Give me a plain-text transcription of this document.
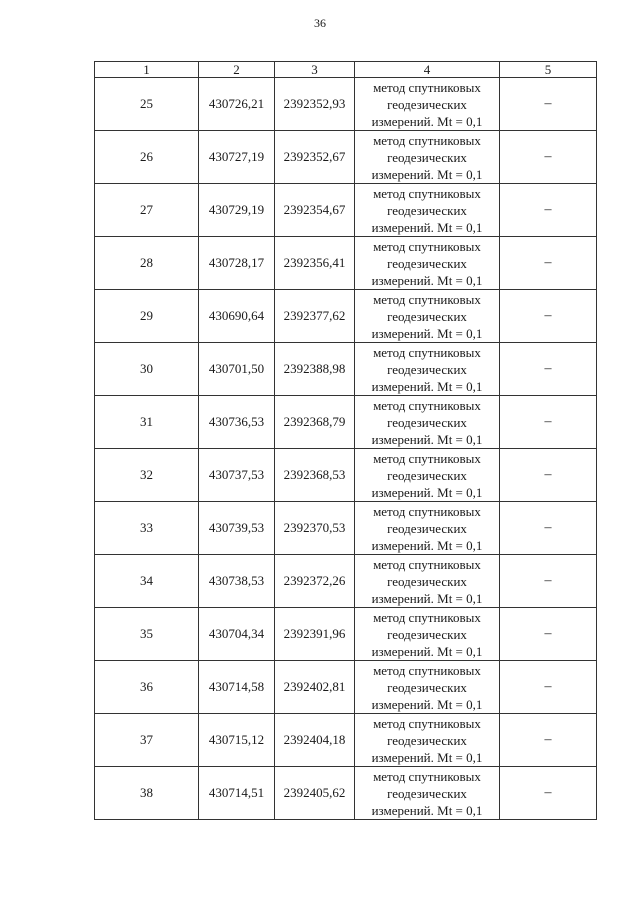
36
1	2	3	4	5
25	430726,21	2392352,93	метод спутниковых
геодезических
измерений. Mt = 0,1	–
26	430727,19	2392352,67	метод спутниковых
геодезических
измерений. Mt = 0,1	–
27	430729,19	2392354,67	метод спутниковых
геодезических
измерений. Mt = 0,1	–
28	430728,17	2392356,41	метод спутниковых
геодезических
измерений. Mt = 0,1	–
29	430690,64	2392377,62	метод спутниковых
геодезических
измерений. Mt = 0,1	–
30	430701,50	2392388,98	метод спутниковых
геодезических
измерений. Mt = 0,1	–
31	430736,53	2392368,79	метод спутниковых
геодезических
измерений. Mt = 0,1	–
32	430737,53	2392368,53	метод спутниковых
геодезических
измерений. Mt = 0,1	–
33	430739,53	2392370,53	метод спутниковых
геодезических
измерений. Mt = 0,1	–
34	430738,53	2392372,26	метод спутниковых
геодезических
измерений. Mt = 0,1	–
35	430704,34	2392391,96	метод спутниковых
геодезических
измерений. Mt = 0,1	–
36	430714,58	2392402,81	метод спутниковых
геодезических
измерений. Mt = 0,1	–
37	430715,12	2392404,18	метод спутниковых
геодезических
измерений. Mt = 0,1	–
38	430714,51	2392405,62	метод спутниковых
геодезических
измерений. Mt = 0,1	–
